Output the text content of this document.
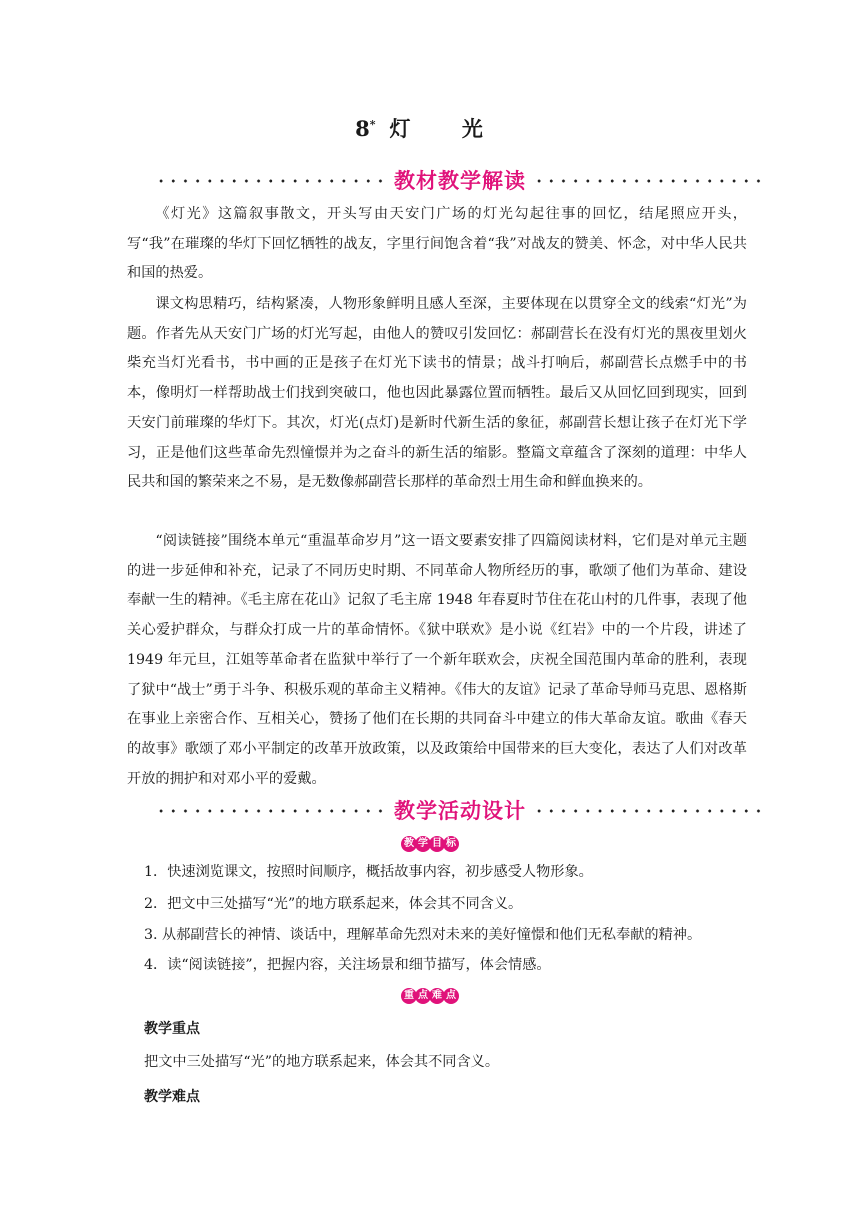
8* 灯 光
教材教学解读

《灯光》这篇叙事散文，开头写由天安门广场的灯光勾起往事的回忆，结尾照应开头，写“我”在璀璨的华灯下回忆牺牲的战友，字里行间饱含着“我”对战友的赞美、怀念，对中华人民共和国的热爱。

课文构思精巧，结构紧凑，人物形象鲜明且感人至深，主要体现在以贯穿全文的线索“灯光”为题。作者先从天安门广场的灯光写起，由他人的赞叹引发回忆：郝副营长在没有灯光的黑夜里划火柴充当灯光看书，书中画的正是孩子在灯光下读书的情景；战斗打响后，郝副营长点燃手中的书本，像明灯一样帮助战士们找到突破口，他也因此暴露位置而牺牲。最后又从回忆回到现实，回到天安门前璀璨的华灯下。其次，灯光(点灯)是新时代新生活的象征，郝副营长想让孩子在灯光下学习，正是他们这些革命先烈憧憬并为之奋斗的新生活的缩影。整篇文章蕴含了深刻的道理：中华人民共和国的繁荣来之不易，是无数像郝副营长那样的革命烈士用生命和鲜血换来的。

“阅读链接”围绕本单元“重温革命岁月”这一语文要素安排了四篇阅读材料，它们是对单元主题的进一步延伸和补充，记录了不同历史时期、不同革命人物所经历的事，歌颂了他们为革命、建设奉献一生的精神。《毛主席在花山》记叙了毛主席 1948 年春夏时节住在花山村的几件事，表现了他关心爱护群众，与群众打成一片的革命情怀。《狱中联欢》是小说《红岩》中的一个片段，讲述了 1949 年元旦，江姐等革命者在监狱中举行了一个新年联欢会，庆祝全国范围内革命的胜利，表现了狱中“战士”勇于斗争、积极乐观的革命主义精神。《伟大的友谊》记录了革命导师马克思、恩格斯在事业上亲密合作、互相关心，赞扬了他们在长期的共同奋斗中建立的伟大革命友谊。歌曲《春天的故事》歌颂了邓小平制定的改革开放政策，以及政策给中国带来的巨大变化，表达了人们对改革开放的拥护和对邓小平的爱戴。

教学活动设计
教 学 目 标
1．快速浏览课文，按照时间顺序，概括故事内容，初步感受人物形象。
2．把文中三处描写“光”的地方联系起来，体会其不同含义。
3. 从郝副营长的神情、谈话中，理解革命先烈对未来的美好憧憬和他们无私奉献的精神。
4．读“阅读链接”，把握内容，关注场景和细节描写，体会情感。
重 点 难 点
教学重点
把文中三处描写“光”的地方联系起来，体会其不同含义。
教学难点
